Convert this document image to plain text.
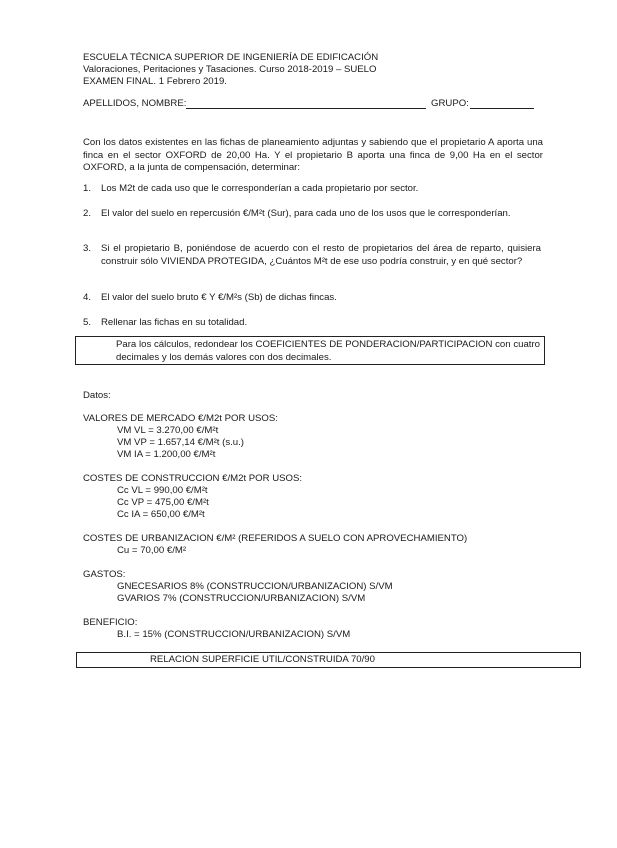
ESCUELA TÉCNICA SUPERIOR DE INGENIERÍA DE EDIFICACIÓN
Valoraciones, Peritaciones y Tasaciones. Curso 2018-2019 – SUELO
EXAMEN FINAL. 1 Febrero 2019.
APELLIDOS, NOMBRE:	GRUPO:
Con los datos existentes en las fichas de planeamiento adjuntas y sabiendo que el propietario A aporta una finca en el sector OXFORD de 20,00 Ha. Y el propietario B aporta una finca de 9,00 Ha en el sector OXFORD, a la junta de compensación, determinar:
1. Los M2t de cada uso que le corresponderían a cada propietario por sector.
2. El valor del suelo en repercusión €/M²t (Sur), para cada uno de los usos que le corresponderían.
3. Si el propietario B, poniéndose de acuerdo con el resto de propietarios del área de reparto, quisiera construir sólo VIVIENDA PROTEGIDA, ¿Cuántos M²t de ese uso podría construir, y en qué sector?
4. El valor del suelo bruto € Y €/M²s (Sb) de dichas fincas.
5. Rellenar las fichas en su totalidad.
Para los cálculos, redondear los COEFICIENTES DE PONDERACION/PARTICIPACION con cuatro decimales y los demás valores con dos decimales.
Datos:
VALORES DE MERCADO €/M2t POR USOS:
VM VL = 3.270,00 €/M²t
VM VP = 1.657,14 €/M²t (s.u.)
VM IA = 1.200,00 €/M²t
COSTES DE CONSTRUCCION €/M2t POR USOS:
Cc VL = 990,00 €/M²t
Cc VP = 475,00 €/M²t
Cc IA = 650,00 €/M²t
COSTES DE URBANIZACION €/M² (REFERIDOS A SUELO CON APROVECHAMIENTO)
Cu = 70,00 €/M²
GASTOS:
GNECESARIOS 8% (CONSTRUCCION/URBANIZACION) S/VM
GVARIOS 7% (CONSTRUCCION/URBANIZACION) S/VM
BENEFICIO:
B.I. = 15% (CONSTRUCCION/URBANIZACION) S/VM
RELACION SUPERFICIE UTIL/CONSTRUIDA 70/90
